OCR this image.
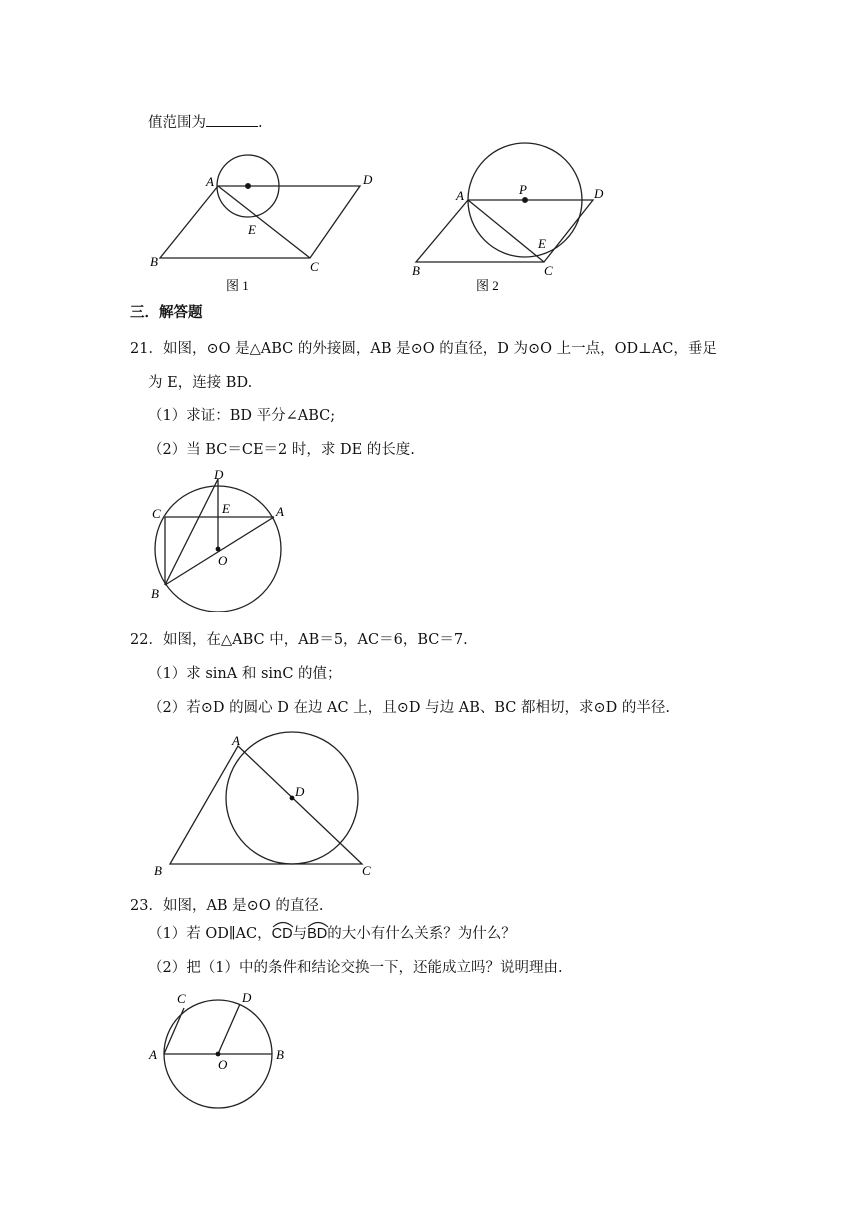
值范围为	.
A	D
B	C
E
图 1
A	P	D
B	C
E
图 2
三．解答题
21．如图，⊙O 是△ABC 的外接圆，AB 是⊙O 的直径，D 为⊙O 上一点，OD⊥AC，垂足
为 E，连接 BD.
（1）求证：BD 平分∠ABC;
（2）当 BC＝CE＝2 时，求 DE 的长度.
D
E
C	A
O
B
22．如图，在△ABC 中，AB＝5，AC＝6，BC＝7.
（1）求 sinA 和 sinC 的值；
（2）若⊙D 的圆心 D 在边 AC 上，且⊙D 与边 AB、BC 都相切，求⊙D 的半径.
A
D
B	C
23．如图，AB 是⊙O 的直径.
（1）若 OD∥AC，
CD与
BD的大小有什么关系？为什么？
（2）把（1）中的条件和结论交换一下，还能成立吗？说明理由.
C	D
A	B
O
